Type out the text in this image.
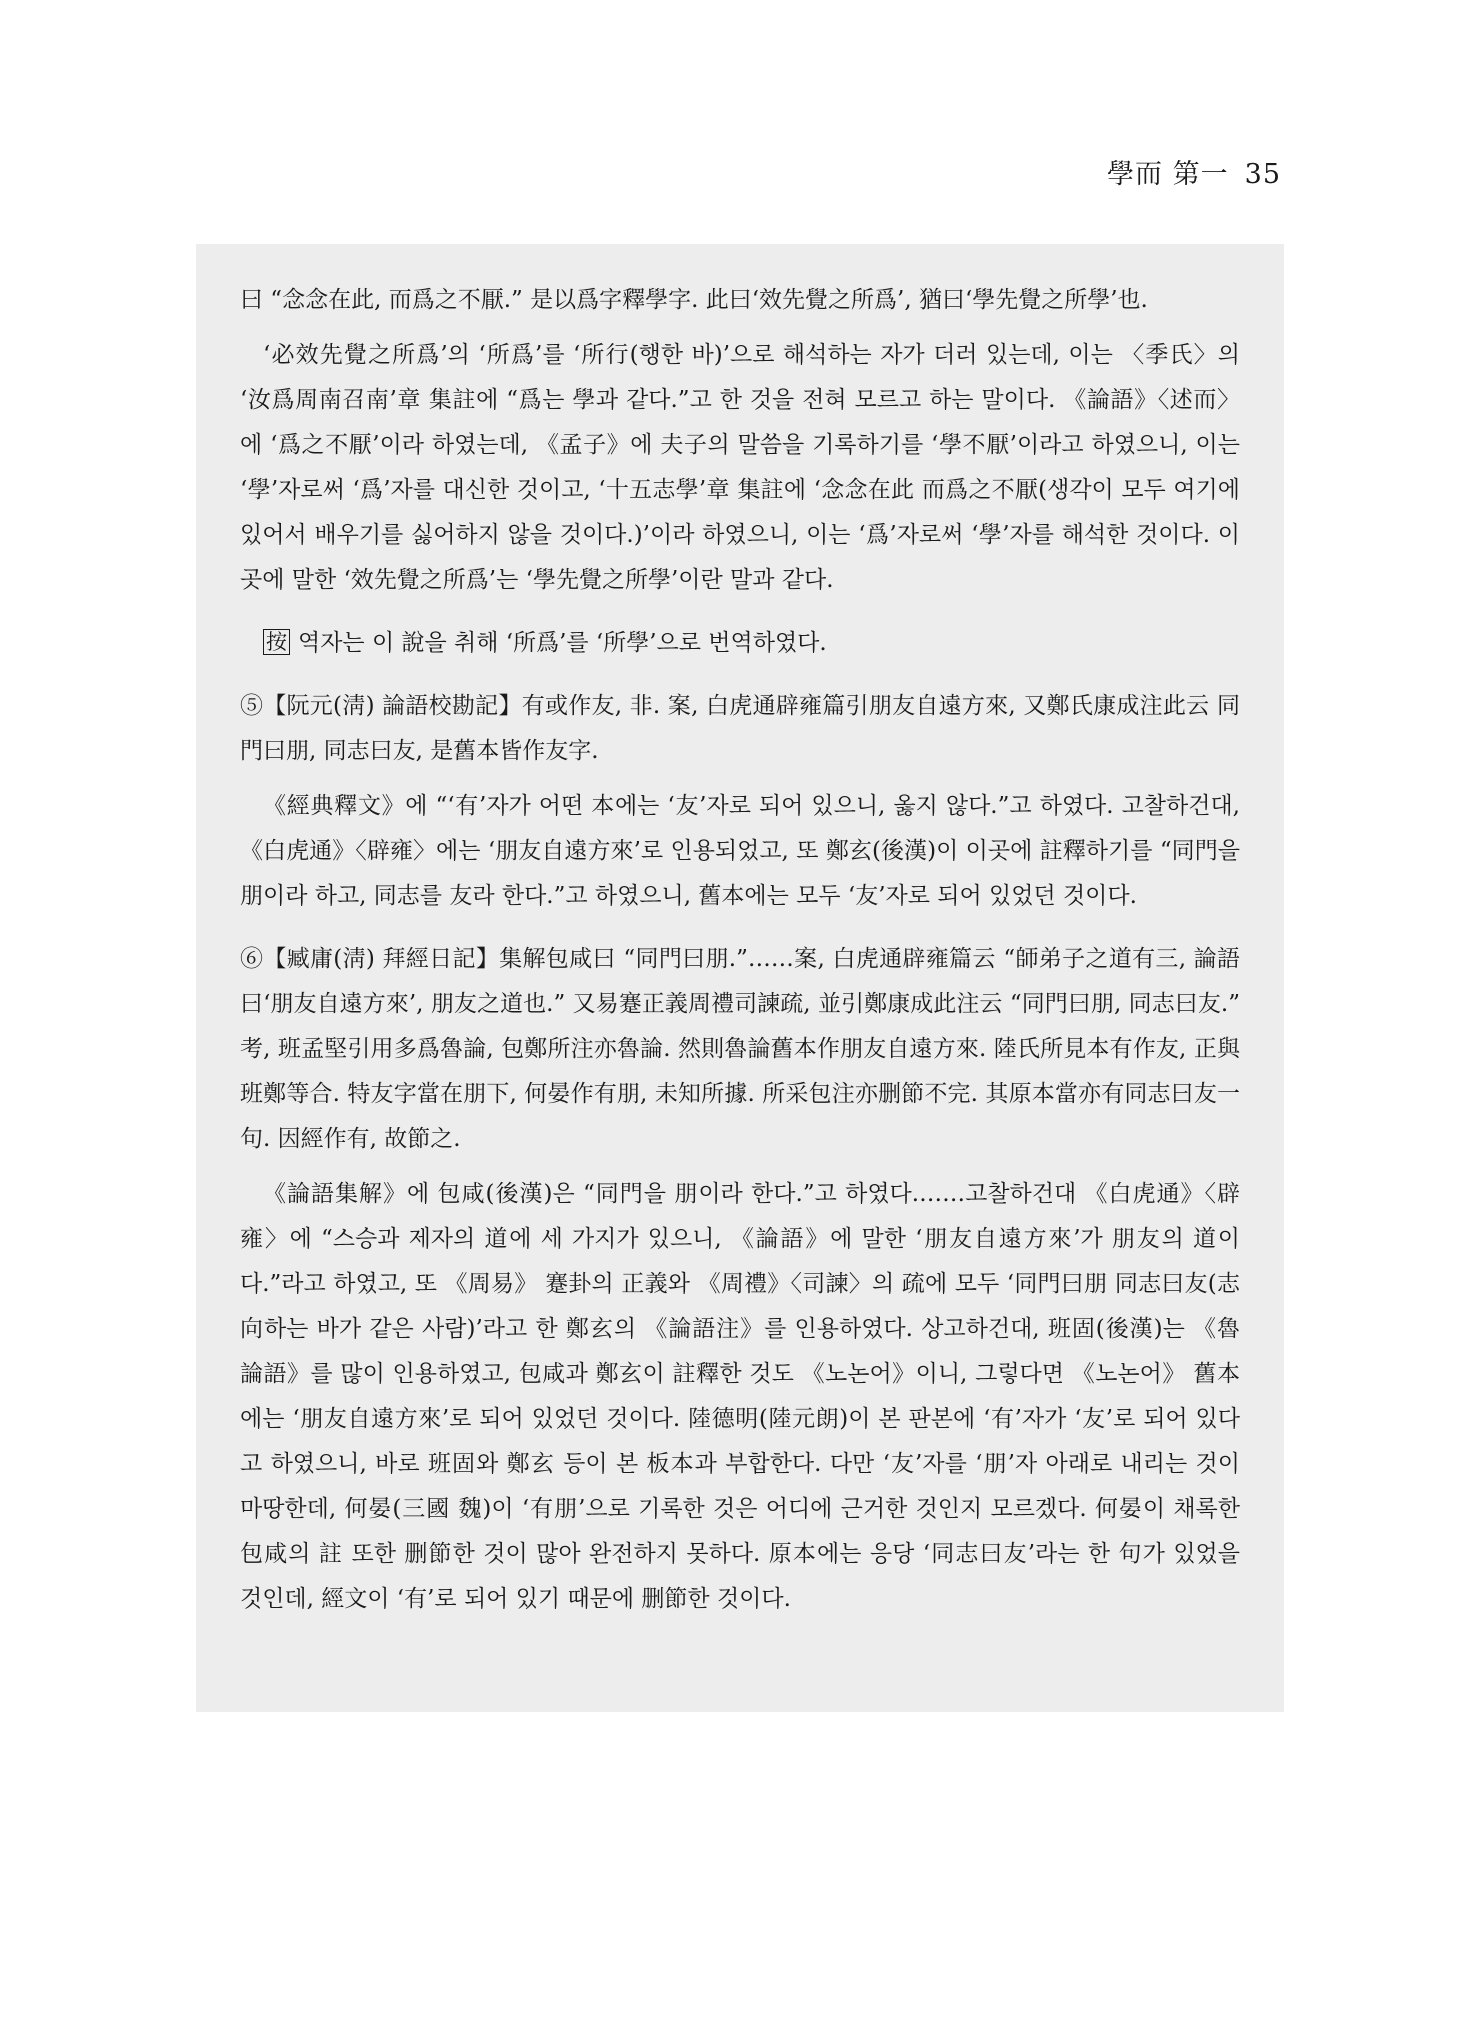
學而 第一 35

曰 “念念在此, 而爲之不厭.” 是以爲字釋學字. 此曰‘效先覺之所爲’, 猶曰‘學先覺之所學’也.

‘必效先覺之所爲’의 ‘所爲’를 ‘所行(행한 바)’으로 해석하는 자가 더러 있는데, 이는 〈季氏〉의 ‘汝爲周南召南’章 集註에 “爲는 學과 같다.”고 한 것을 전혀 모르고 하는 말이다. 《論語》〈述而〉에 ‘爲之不厭’이라 하였는데, 《孟子》에 夫子의 말씀을 기록하기를 ‘學不厭’이라고 하였으니, 이는 ‘學’자로써 ‘爲’자를 대신한 것이고, ‘十五志學’章 集註에 ‘念念在此 而爲之不厭(생각이 모두 여기에 있어서 배우기를 싫어하지 않을 것이다.)’이라 하였으니, 이는 ‘爲’자로써 ‘學’자를 해석한 것이다. 이곳에 말한 ‘效先覺之所爲’는 ‘學先覺之所學’이란 말과 같다.

按 역자는 이 說을 취해 ‘所爲’를 ‘所學’으로 번역하였다.

⑤【阮元(淸) 論語校勘記】有或作友, 非. 案, 白虎通辟雍篇引朋友自遠方來, 又鄭氏康成注此云 同門曰朋, 同志曰友, 是舊本皆作友字.

《經典釋文》에 “‘有’자가 어떤 本에는 ‘友’자로 되어 있으니, 옳지 않다.”고 하였다. 고찰하건대, 《白虎通》〈辟雍〉에는 ‘朋友自遠方來’로 인용되었고, 또 鄭玄(後漢)이 이곳에 註釋하기를 “同門을 朋이라 하고, 同志를 友라 한다.”고 하였으니, 舊本에는 모두 ‘友’자로 되어 있었던 것이다.

⑥【臧庸(淸) 拜經日記】集解包咸曰 “同門曰朋.”……案, 白虎通辟雍篇云 “師弟子之道有三, 論語曰‘朋友自遠方來’, 朋友之道也.” 又易蹇正義周禮司諫疏, 並引鄭康成此注云 “同門曰朋, 同志曰友.” 考, 班孟堅引用多爲魯論, 包鄭所注亦魯論. 然則魯論舊本作朋友自遠方來. 陸氏所見本有作友, 正與班鄭等合. 特友字當在朋下, 何晏作有朋, 未知所據. 所采包注亦删節不完. 其原本當亦有同志曰友一句. 因經作有, 故節之.

《論語集解》에 包咸(後漢)은 “同門을 朋이라 한다.”고 하였다.……고찰하건대 《白虎通》〈辟雍〉에 “스승과 제자의 道에 세 가지가 있으니, 《論語》에 말한 ‘朋友自遠方來’가 朋友의 道이다.”라고 하였고, 또 《周易》 蹇卦의 正義와 《周禮》〈司諫〉의 疏에 모두 ‘同門曰朋 同志曰友(志向하는 바가 같은 사람)’라고 한 鄭玄의 《論語注》를 인용하였다. 상고하건대, 班固(後漢)는 《魯論語》를 많이 인용하였고, 包咸과 鄭玄이 註釋한 것도 《노논어》이니, 그렇다면 《노논어》 舊本에는 ‘朋友自遠方來’로 되어 있었던 것이다. 陸德明(陸元朗)이 본 판본에 ‘有’자가 ‘友’로 되어 있다고 하였으니, 바로 班固와 鄭玄 등이 본 板本과 부합한다. 다만 ‘友’자를 ‘朋’자 아래로 내리는 것이 마땅한데, 何晏(三國 魏)이 ‘有朋’으로 기록한 것은 어디에 근거한 것인지 모르겠다. 何晏이 채록한 包咸의 註 또한 删節한 것이 많아 완전하지 못하다. 原本에는 응당 ‘同志曰友’라는 한 句가 있었을 것인데, 經文이 ‘有’로 되어 있기 때문에 删節한 것이다.
